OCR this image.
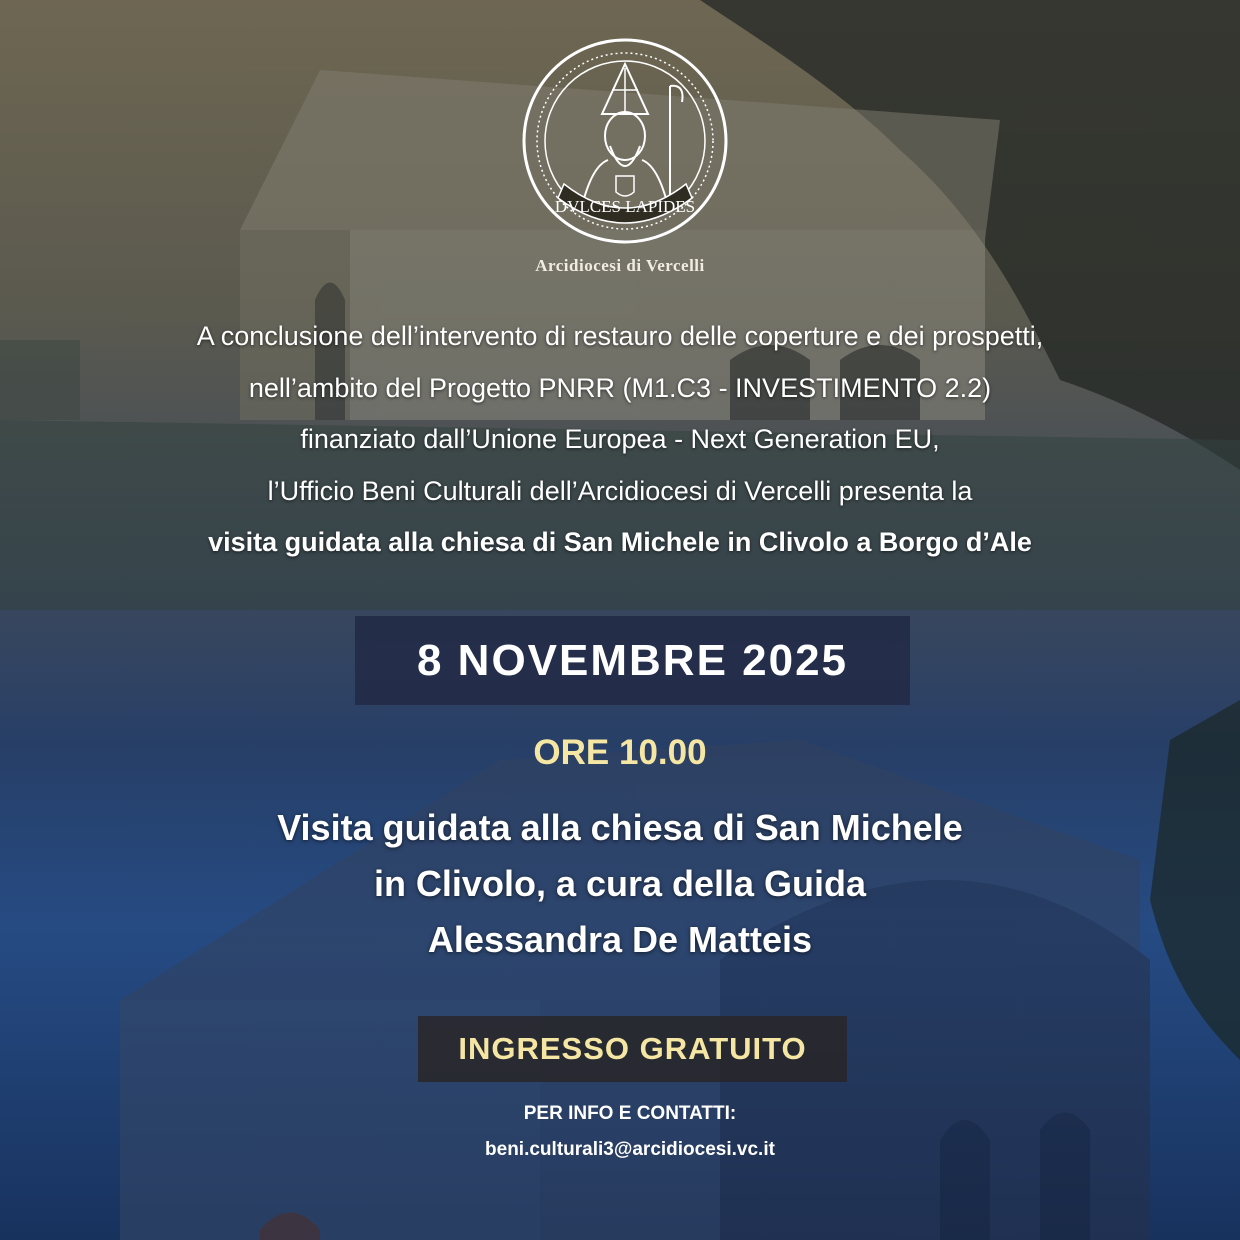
DVLCES LAPIDES
Arcidiocesi di Vercelli
A conclusione dell’intervento di restauro delle coperture e dei prospetti,
nell’ambito del Progetto PNRR (M1.C3 - INVESTIMENTO 2.2)
finanziato dall’Unione Europea - Next Generation EU,
l’Ufficio Beni Culturali dell’Arcidiocesi di Vercelli presenta la
visita guidata alla chiesa di San Michele in Clivolo a Borgo d’Ale
8 NOVEMBRE 2025
ORE 10.00
Visita guidata alla chiesa di San Michele
in Clivolo, a cura della Guida
Alessandra De Matteis
INGRESSO GRATUITO
PER INFO E CONTATTI:
beni.culturali3@arcidiocesi.vc.it
